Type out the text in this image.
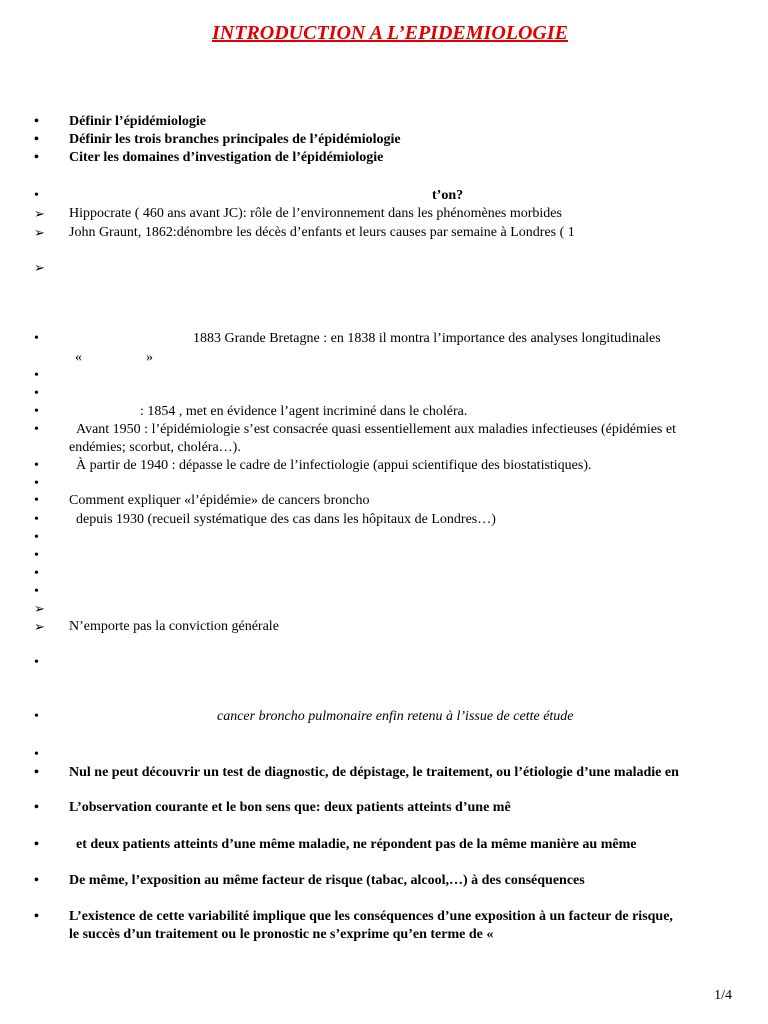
INTRODUCTION A L’EPIDEMIOLOGIE
•	Définir l’épidémiologie
•	Définir les trois branches principales de l’épidémiologie
•	Citer les domaines d’investigation de l’épidémiologie
•	t’on?
➢	Hippocrate ( 460 ans avant JC): rôle de l’environnement dans les phénomènes morbides
➢	John Graunt, 1862:dénombre les décès d’enfants et leurs causes par semaine à Londres ( 1
➢
•	1883 Grande Bretagne : en 1838 il montra l’importance des analyses longitudinales
«	»
•
•
•	: 1854 , met en évidence l’agent incriminé dans le choléra.
•	Avant 1950 : l’épidémiologie s’est consacrée quasi essentiellement aux maladies infectieuses (épidémies et
endémies; scorbut, choléra…).
•	À partir de 1940 : dépasse le cadre de l’infectiologie (appui scientifique des biostatistiques).
•
•	Comment expliquer «l’épidémie» de cancers broncho
•	depuis 1930 (recueil systématique des cas dans les hôpitaux de Londres…)
•
•
•
•
➢
➢	N’emporte pas la conviction générale
•
•	cancer broncho pulmonaire enfin retenu à l’issue de cette étude
•
•	Nul ne peut découvrir un test de diagnostic, de dépistage, le traitement, ou l’étiologie d’une maladie en
•	L’observation courante et le bon sens que: deux patients atteints d’une mê
•	et deux patients atteints d’une même maladie, ne répondent pas de la même manière au même
•	De même, l’exposition au même facteur de risque (tabac, alcool,…) à des conséquences
•	L’existence de cette variabilité implique que les conséquences d’une exposition à un facteur de risque,
le succès d’un traitement ou le pronostic ne s’exprime qu’en terme de «
1/4
